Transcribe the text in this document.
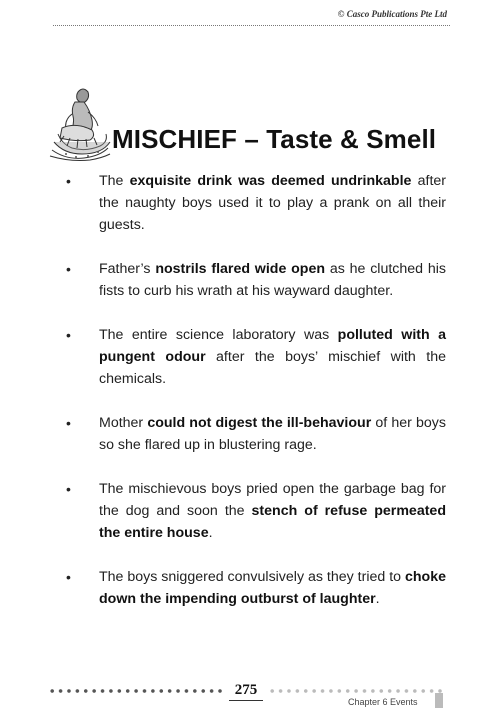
© Casco Publications Pte Ltd
MISCHIEF – Taste & Smell
• The exquisite drink was deemed undrinkable after the naughty boys used it to play a prank on all their guests.
• Father’s nostrils flared wide open as he clutched his fists to curb his wrath at his wayward daughter.
• The entire science laboratory was polluted with a pungent odour after the boys’ mischief with the chemicals.
• Mother could not digest the ill-behaviour of her boys so she flared up in blustering rage.
• The mischievous boys pried open the garbage bag for the dog and soon the stench of refuse permeated the entire house.
• The boys sniggered convulsively as they tried to choke down the impending outburst of laughter.
275
Chapter 6 Events
